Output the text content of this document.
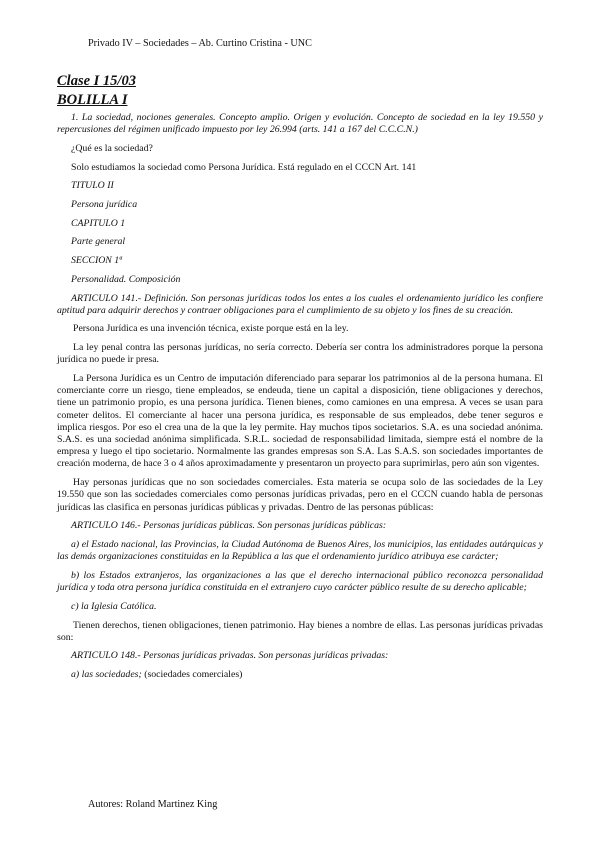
Privado IV – Sociedades – Ab. Curtino Cristina - UNC
Clase I 15/03
BOLILLA I

1. La sociedad, nociones generales. Concepto amplio. Origen y evolución. Concepto de sociedad en la ley 19.550 y repercusiones del régimen unificado impuesto por ley 26.994 (arts. 141 a 167 del C.C.C.N.)

¿Qué es la sociedad?

Solo estudiamos la sociedad como Persona Jurídica. Está regulado en el CCCN Art. 141

TITULO II

Persona jurídica

CAPITULO 1

Parte general

SECCION 1ª

Personalidad. Composición

ARTICULO 141.- Definición. Son personas jurídicas todos los entes a los cuales el ordenamiento jurídico les confiere aptitud para adquirir derechos y contraer obligaciones para el cumplimiento de su objeto y los fines de su creación.

Persona Jurídica es una invención técnica, existe porque está en la ley.

La ley penal contra las personas jurídicas, no sería correcto. Debería ser contra los administradores porque la persona jurídica no puede ir presa.

La Persona Jurídica es un Centro de imputación diferenciado para separar los patrimonios al de la persona humana. El comerciante corre un riesgo, tiene empleados, se endeuda, tiene un capital a disposición, tiene obligaciones y derechos, tiene un patrimonio propio, es una persona jurídica. Tienen bienes, como camiones en una empresa. A veces se usan para cometer delitos. El comerciante al hacer una persona jurídica, es responsable de sus empleados, debe tener seguros e implica riesgos. Por eso el crea una de la que la ley permite. Hay muchos tipos societarios. S.A. es una sociedad anónima. S.A.S. es una sociedad anónima simplificada. S.R.L. sociedad de responsabilidad limitada, siempre está el nombre de la empresa y luego el tipo societario. Normalmente las grandes empresas son S.A. Las S.A.S. son sociedades importantes de creación moderna, de hace 3 o 4 años aproximadamente y presentaron un proyecto para suprimirlas, pero aún son vigentes.

Hay personas jurídicas que no son sociedades comerciales. Esta materia se ocupa solo de las sociedades de la Ley 19.550 que son las sociedades comerciales como personas jurídicas privadas, pero en el CCCN cuando habla de personas jurídicas las clasifica en personas jurídicas públicas y privadas. Dentro de las personas públicas:

ARTICULO 146.- Personas jurídicas públicas. Son personas jurídicas públicas:

a) el Estado nacional, las Provincias, la Ciudad Autónoma de Buenos Aires, los municipios, las entidades autárquicas y las demás organizaciones constituidas en la República a las que el ordenamiento jurídico atribuya ese carácter;

b) los Estados extranjeros, las organizaciones a las que el derecho internacional público reconozca personalidad jurídica y toda otra persona jurídica constituida en el extranjero cuyo carácter público resulte de su derecho aplicable;

c) la Iglesia Católica.

Tienen derechos, tienen obligaciones, tienen patrimonio. Hay bienes a nombre de ellas. Las personas jurídicas privadas son:

ARTICULO 148.- Personas jurídicas privadas. Son personas jurídicas privadas:

a) las sociedades; (sociedades comerciales)

Autores: Roland Martinez King
